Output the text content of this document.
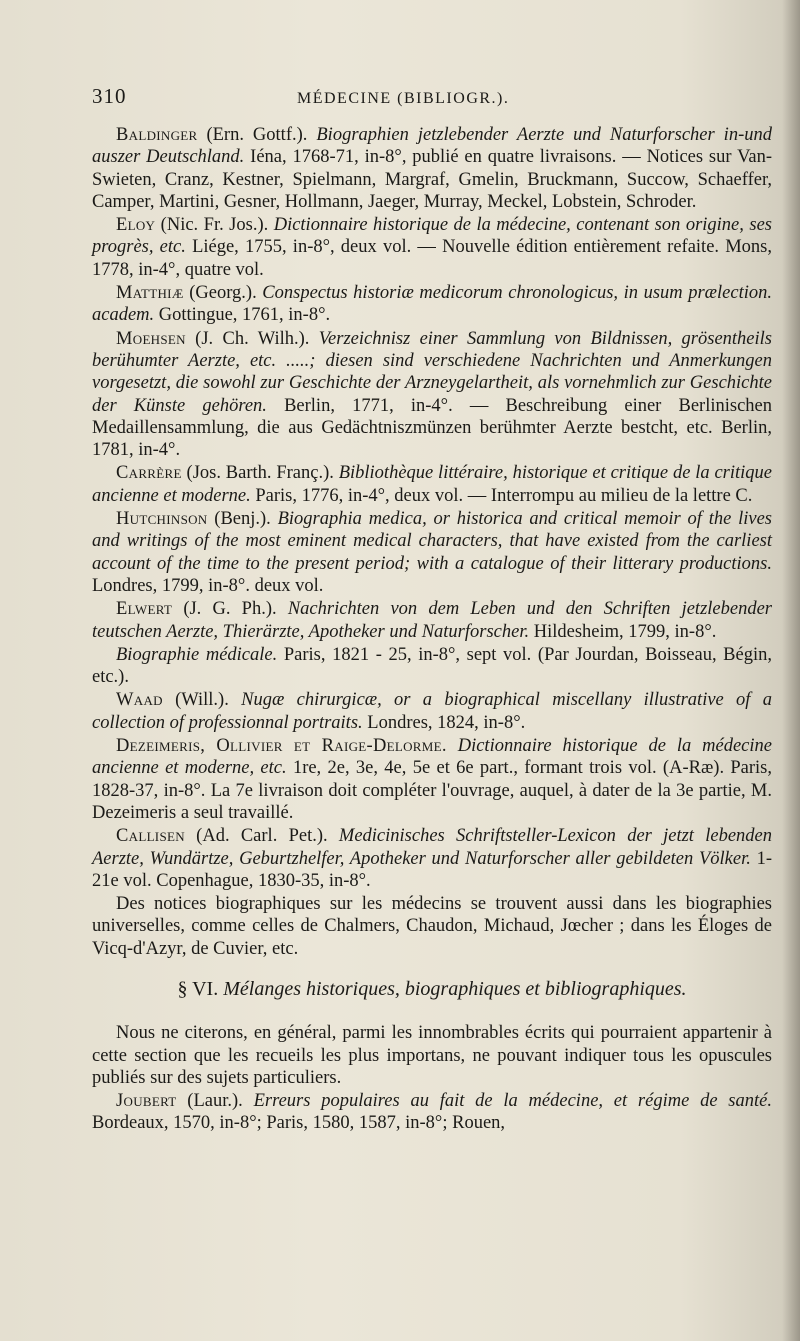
310	MÉDECINE (BIBLIOGR.).

Baldinger (Ern. Gottf.). Biographien jetzlebender Aerzte und Naturforscher in-und auszer Deutschland. Iéna, 1768-71, in-8°, publié en quatre livraisons. — Notices sur Van-Swieten, Cranz, Kestner, Spielmann, Margraf, Gmelin, Bruckmann, Succow, Schaeffer, Camper, Martini, Gesner, Hollmann, Jaeger, Murray, Meckel, Lobstein, Schroder.

Eloy (Nic. Fr. Jos.). Dictionnaire historique de la médecine, contenant son origine, ses progrès, etc. Liége, 1755, in-8°, deux vol. — Nouvelle édition entièrement refaite. Mons, 1778, in-4°, quatre vol.

Matthiæ (Georg.). Conspectus historiæ medicorum chronologicus, in usum prælection. academ. Gottingue, 1761, in-8°.

Moehsen (J. Ch. Wilh.). Verzeichnisz einer Sammlung von Bildnissen, grösentheils berühumter Aerzte, etc. .....; diesen sind verschiedene Nachrichten und Anmerkungen vorgesetzt, die sowohl zur Geschichte der Arzneygelartheit, als vornehmlich zur Geschichte der Künste gehören. Berlin, 1771, in-4°. — Beschreibung einer Berlinischen Medaillensammlung, die aus Gedächtniszmünzen berühmter Aerzte bestcht, etc. Berlin, 1781, in-4°.

Carrère (Jos. Barth. Franç.). Bibliothèque littéraire, historique et critique de la critique ancienne et moderne. Paris, 1776, in-4°, deux vol. — Interrompu au milieu de la lettre C.

Hutchinson (Benj.). Biographia medica, or historica and critical memoir of the lives and writings of the most eminent medical characters, that have existed from the carliest account of the time to the present period; with a catalogue of their litterary productions. Londres, 1799, in-8°. deux vol.

Elwert (J. G. Ph.). Nachrichten von dem Leben und den Schriften jetzlebender teutschen Aerzte, Thierärzte, Apotheker und Naturforscher. Hildesheim, 1799, in-8°.

Biographie médicale. Paris, 1821 - 25, in-8°, sept vol. (Par Jourdan, Boisseau, Bégin, etc.).

Waad (Will.). Nugæ chirurgicæ, or a biographical miscellany illustrative of a collection of professionnal portraits. Londres, 1824, in-8°.

Dezeimeris, Ollivier et Raige-Delorme. Dictionnaire historique de la médecine ancienne et moderne, etc. 1re, 2e, 3e, 4e, 5e et 6e part., formant trois vol. (A-Ræ). Paris, 1828-37, in-8°. La 7e livraison doit compléter l'ouvrage, auquel, à dater de la 3e partie, M. Dezeimeris a seul travaillé.

Callisen (Ad. Carl. Pet.). Medicinisches Schriftsteller-Lexicon der jetzt lebenden Aerzte, Wundärtze, Geburtzhelfer, Apotheker und Naturforscher aller gebildeten Völker. 1-21e vol. Copenhague, 1830-35, in-8°.

Des notices biographiques sur les médecins se trouvent aussi dans les biographies universelles, comme celles de Chalmers, Chaudon, Michaud, Jœcher ; dans les Éloges de Vicq-d'Azyr, de Cuvier, etc.

§ VI. Mélanges historiques, biographiques et bibliographiques.

Nous ne citerons, en général, parmi les innombrables écrits qui pourraient appartenir à cette section que les recueils les plus importans, ne pouvant indiquer tous les opuscules publiés sur des sujets particuliers.

Joubert (Laur.). Erreurs populaires au fait de la médecine, et régime de santé. Bordeaux, 1570, in-8°; Paris, 1580, 1587, in-8°; Rouen,
